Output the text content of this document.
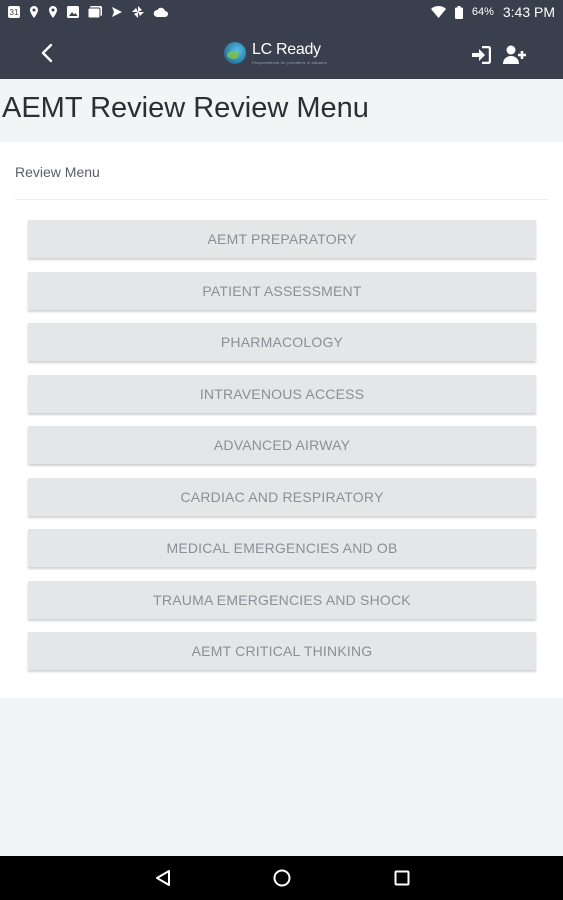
31	64% 3:43 PM
LC Ready
Preparedness for providers in balance
AEMT Review Review Menu
Review Menu
AEMT PREPARATORY
PATIENT ASSESSMENT
PHARMACOLOGY
INTRAVENOUS ACCESS
ADVANCED AIRWAY
CARDIAC AND RESPIRATORY
MEDICAL EMERGENCIES AND OB
TRAUMA EMERGENCIES AND SHOCK
AEMT CRITICAL THINKING
